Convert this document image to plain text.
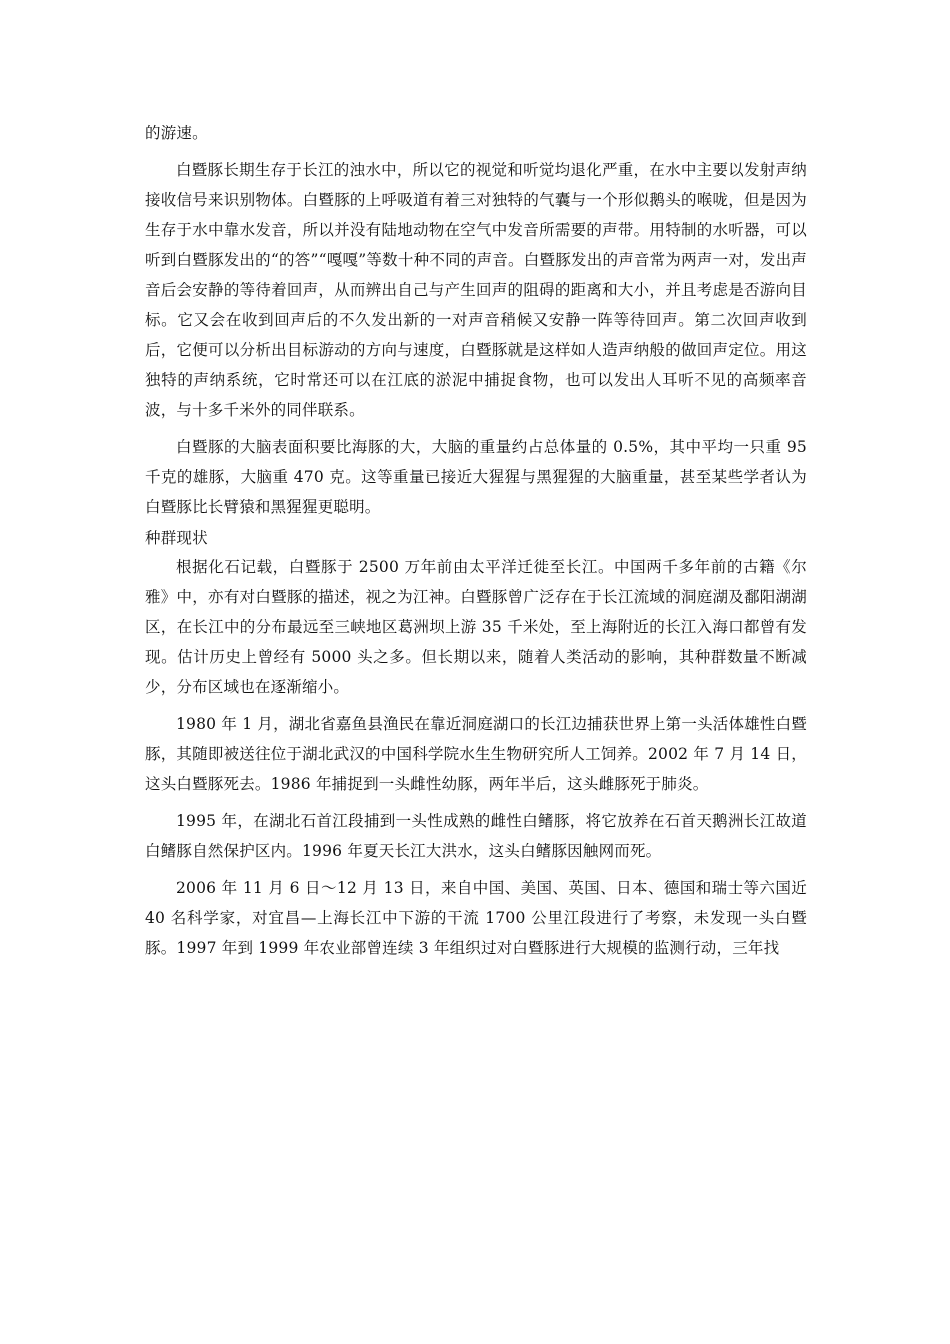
的游速。

白暨豚长期生存于长江的浊水中，所以它的视觉和听觉均退化严重，在水中主要以发射声纳接收信号来识别物体。白暨豚的上呼吸道有着三对独特的气囊与一个形似鹅头的喉咙，但是因为生存于水中靠水发音，所以并没有陆地动物在空气中发音所需要的声带。用特制的水听器，可以听到白暨豚发出的“的答”“嘎嘎”等数十种不同的声音。白暨豚发出的声音常为两声一对，发出声音后会安静的等待着回声，从而辨出自己与产生回声的阻碍的距离和大小，并且考虑是否游向目标。它又会在收到回声后的不久发出新的一对声音稍候又安静一阵等待回声。第二次回声收到后，它便可以分析出目标游动的方向与速度，白暨豚就是这样如人造声纳般的做回声定位。用这独特的声纳系统，它时常还可以在江底的淤泥中捕捉食物，也可以发出人耳听不见的高频率音波，与十多千米外的同伴联系。

白暨豚的大脑表面积要比海豚的大，大脑的重量约占总体量的 0.5%，其中平均一只重 95 千克的雄豚，大脑重 470 克。这等重量已接近大猩猩与黑猩猩的大脑重量，甚至某些学者认为白暨豚比长臂猿和黑猩猩更聪明。

种群现状

根据化石记载，白暨豚于 2500 万年前由太平洋迁徙至长江。中国两千多年前的古籍《尔雅》中，亦有对白暨豚的描述，视之为江神。白暨豚曾广泛存在于长江流域的洞庭湖及鄱阳湖湖区，在长江中的分布最远至三峡地区葛洲坝上游 35 千米处，至上海附近的长江入海口都曾有发现。估计历史上曾经有 5000 头之多。但长期以来，随着人类活动的影响，其种群数量不断减少，分布区域也在逐渐缩小。

1980 年 1 月，湖北省嘉鱼县渔民在靠近洞庭湖口的长江边捕获世界上第一头活体雄性白暨豚，其随即被送往位于湖北武汉的中国科学院水生生物研究所人工饲养。2002 年 7 月 14 日，这头白暨豚死去。1986 年捕捉到一头雌性幼豚，两年半后，这头雌豚死于肺炎。

1995 年，在湖北石首江段捕到一头性成熟的雌性白鳍豚，将它放养在石首天鹅洲长江故道白鳍豚自然保护区内。1996 年夏天长江大洪水，这头白鳍豚因触网而死。

2006 年 11 月 6 日～12 月 13 日，来自中国、美国、英国、日本、德国和瑞士等六国近 40 名科学家，对宜昌—上海长江中下游的干流 1700 公里江段进行了考察，未发现一头白暨豚。1997 年到 1999 年农业部曾连续 3 年组织过对白暨豚进行大规模的监测行动，三年找
